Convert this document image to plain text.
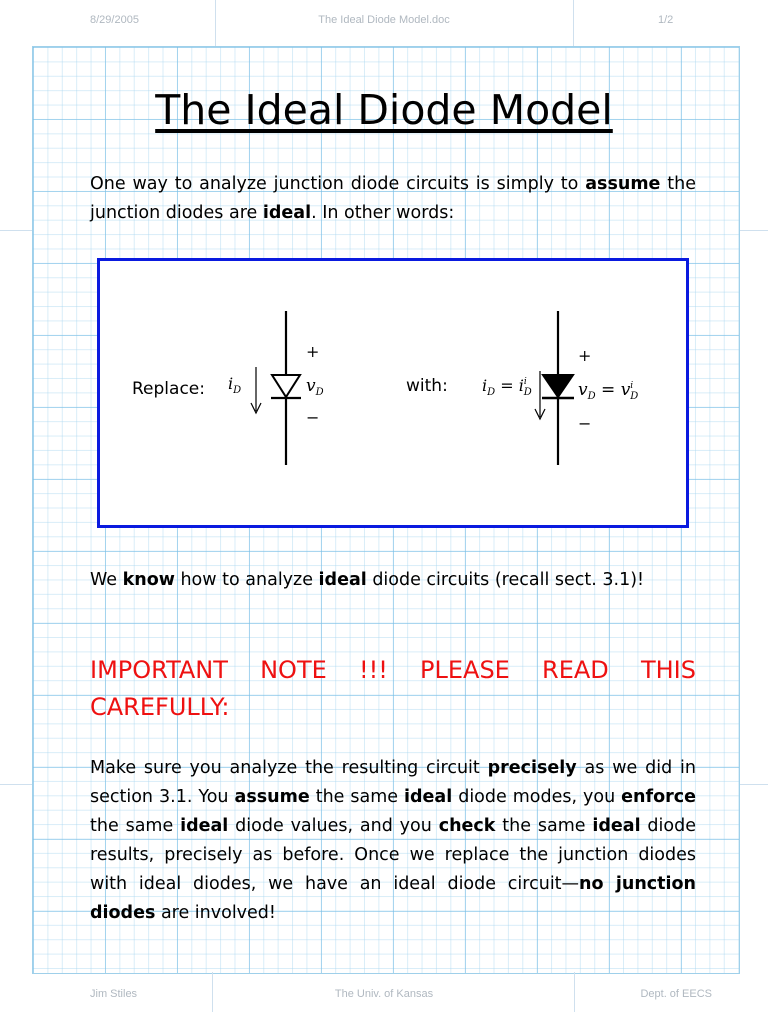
8/29/2005	The Ideal Diode Model.doc	1/2
The Ideal Diode Model
One way to analyze junction diode circuits is simply to assume the junction diodes are ideal. In other words:
Replace:	with:
$i_D$	$v_D$
+
−
$i_D = i^i$ D	$v_D = v^i$ D
+
−
We know how to analyze ideal diode circuits (recall sect. 3.1)!
IMPORTANT NOTE !!! PLEASE READ THIS CAREFULLY:
Make sure you analyze the resulting circuit precisely as we did in section 3.1. You assume the same ideal diode modes, you enforce the same ideal diode values, and you check the same ideal diode results, precisely as before. Once we replace the junction diodes with ideal diodes, we have an ideal diode circuit—no junction diodes are involved!
Jim Stiles	The Univ. of Kansas	Dept. of EECS
